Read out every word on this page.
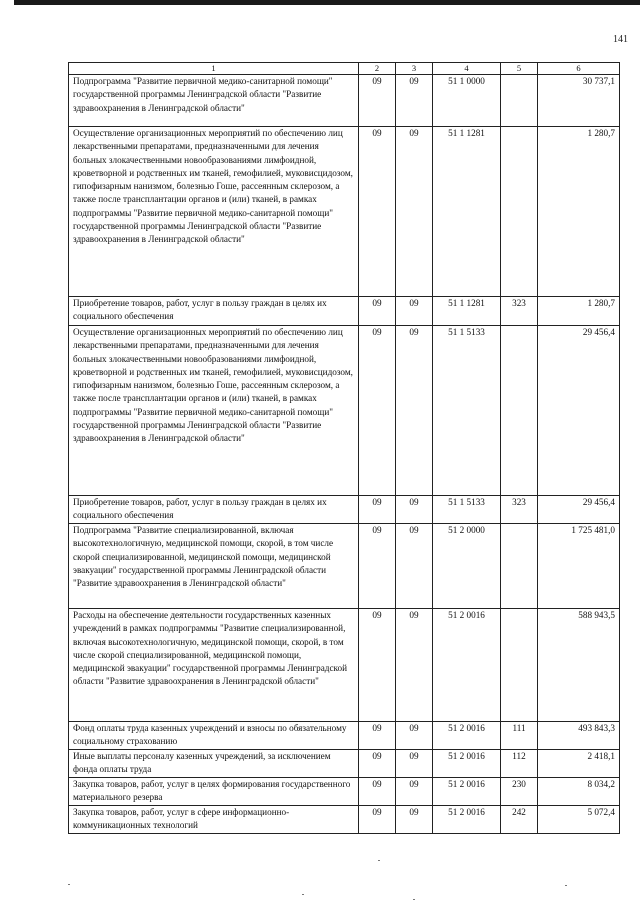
141
1	2	3	4	5	6
Подпрограмма "Развитие первичной медико-санитарной помощи" государственной программы Ленинградской области "Развитие здравоохранения в Ленинградской области"	09	09	51 1 0000		30 737,1
Осуществление организационных мероприятий по обеспечению лиц лекарственными препаратами, предназначенными для лечения больных злокачественными новообразованиями лимфоидной, кроветворной и родственных им тканей, гемофилией, муковисцидозом, гипофизарным нанизмом, болезнью Гоше, рассеянным склерозом, а также после трансплантации органов и (или) тканей, в рамках подпрограммы "Развитие первичной медико-санитарной помощи" государственной программы Ленинградской области "Развитие здравоохранения в Ленинградской области"	09	09	51 1 1281		1 280,7
Приобретение товаров, работ, услуг в пользу граждан в целях их социального обеспечения	09	09	51 1 1281	323	1 280,7
Осуществление организационных мероприятий по обеспечению лиц лекарственными препаратами, предназначенными для лечения больных злокачественными новообразованиями лимфоидной, кроветворной и родственных им тканей, гемофилией, муковисцидозом, гипофизарным нанизмом, болезнью Гоше, рассеянным склерозом, а также после трансплантации органов и (или) тканей, в рамках подпрограммы "Развитие первичной медико-санитарной помощи" государственной программы Ленинградской области "Развитие здравоохранения в Ленинградской области"	09	09	51 1 5133		29 456,4
Приобретение товаров, работ, услуг в пользу граждан в целях их социального обеспечения	09	09	51 1 5133	323	29 456,4
Подпрограмма "Развитие специализированной, включая высокотехнологичную, медицинской помощи, скорой, в том числе скорой специализированной, медицинской помощи, медицинской эвакуации" государственной программы Ленинградской области "Развитие здравоохранения в Ленинградской области"	09	09	51 2 0000		1 725 481,0
Расходы на обеспечение деятельности государственных казенных учреждений в рамках подпрограммы "Развитие специализированной, включая высокотехнологичную, медицинской помощи, скорой, в том числе скорой специализированной, медицинской помощи, медицинской эвакуации" государственной программы Ленинградской области "Развитие здравоохранения в Ленинградской области"	09	09	51 2 0016		588 943,5
Фонд оплаты труда казенных учреждений и взносы по обязательному социальному страхованию	09	09	51 2 0016	111	493 843,3
Иные выплаты персоналу казенных учреждений, за исключением фонда оплаты труда	09	09	51 2 0016	112	2 418,1
Закупка товаров, работ, услуг в целях формирования государственного материального резерва	09	09	51 2 0016	230	8 034,2
Закупка товаров, работ, услуг в сфере информационно-коммуникационных технологий	09	09	51 2 0016	242	5 072,4
